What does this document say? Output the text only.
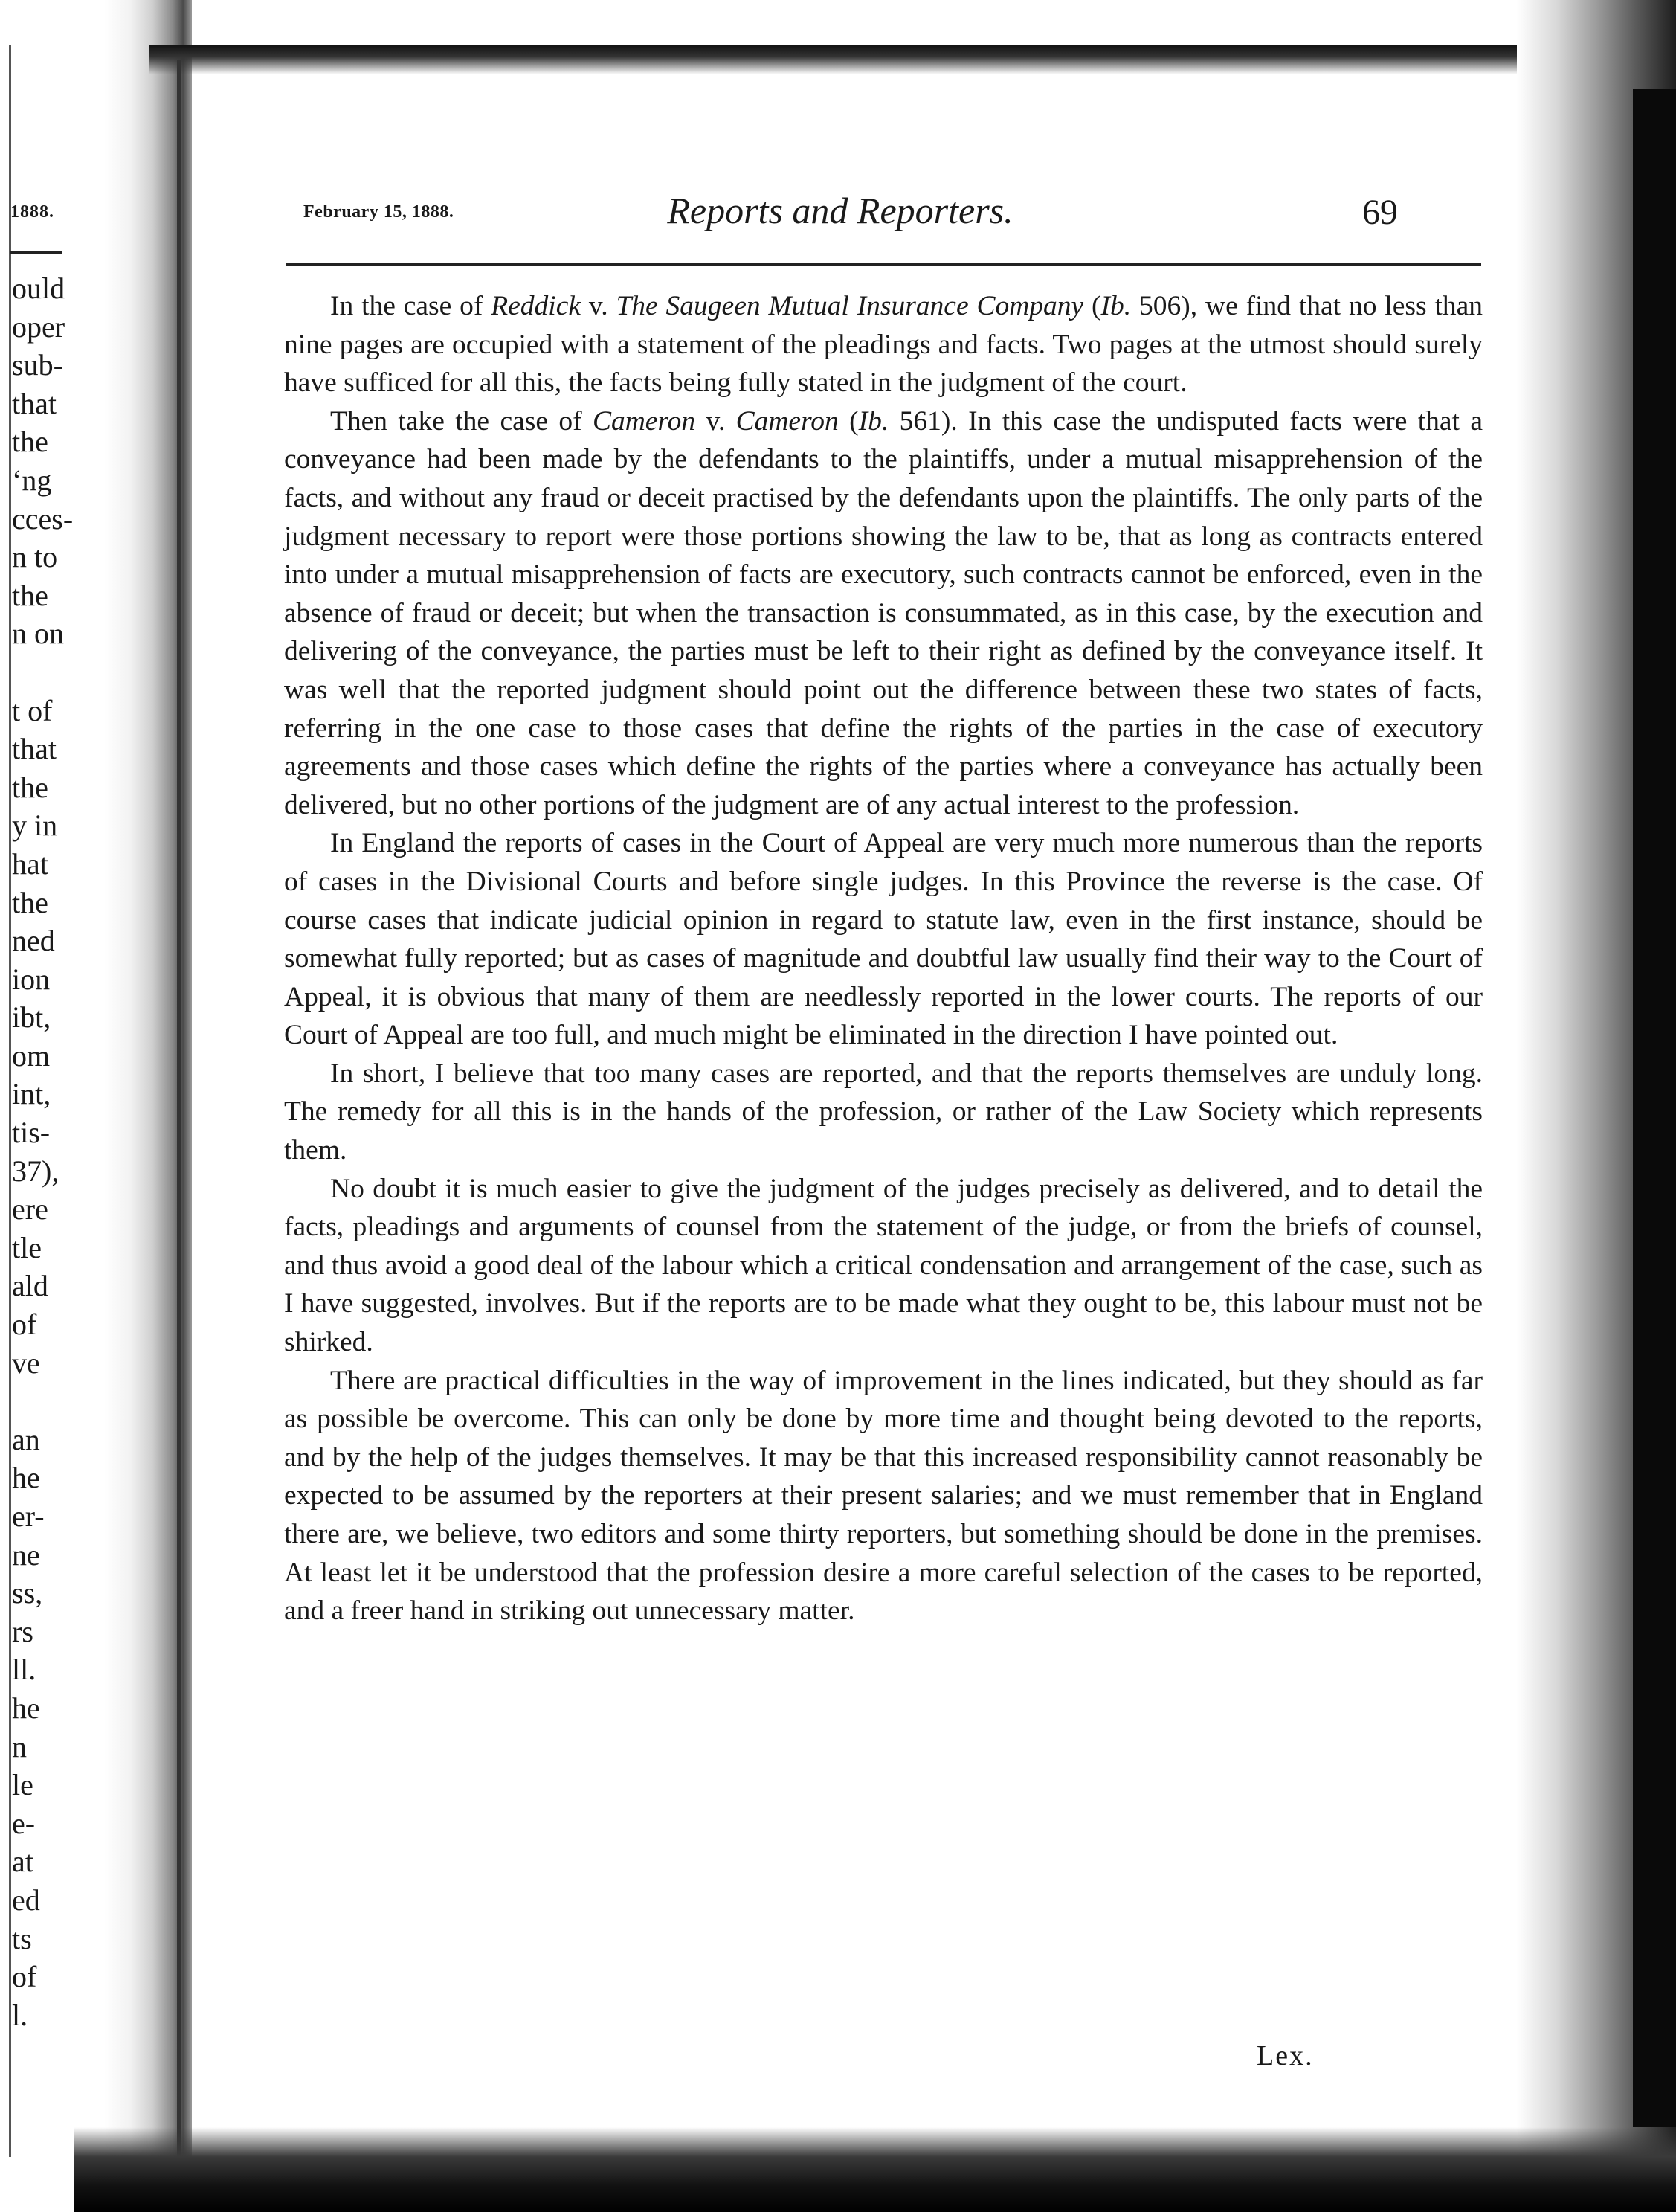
1888.
ould
oper
sub-
that
the
‘ng
cces-
n to
the
n on

t of
that
the
y in
hat
the
ned
ion
ibt,
om
int,
tis-
37),
ere
tle
ald
of
ve

an
he
er-
ne
ss,
rs
ll.
he
n
le
e-
at
ed
ts
of
l.
February 15, 1888.	Reports and Reporters.	69

In the case of Reddick v. The Saugeen Mutual Insurance Company (Ib. 506), we find that no less than nine pages are occupied with a statement of the pleadings and facts. Two pages at the utmost should surely have sufficed for all this, the facts being fully stated in the judgment of the court.

Then take the case of Cameron v. Cameron (Ib. 561). In this case the undisputed facts were that a conveyance had been made by the defendants to the plaintiffs, under a mutual misapprehension of the facts, and without any fraud or deceit practised by the defendants upon the plaintiffs. The only parts of the judgment necessary to report were those portions showing the law to be, that as long as contracts entered into under a mutual misapprehension of facts are executory, such contracts cannot be enforced, even in the absence of fraud or deceit; but when the transaction is consummated, as in this case, by the execution and delivering of the conveyance, the parties must be left to their right as defined by the conveyance itself. It was well that the reported judgment should point out the difference between these two states of facts, referring in the one case to those cases that define the rights of the parties in the case of executory agreements and those cases which define the rights of the parties where a conveyance has actually been delivered, but no other portions of the judgment are of any actual interest to the profession.

In England the reports of cases in the Court of Appeal are very much more numerous than the reports of cases in the Divisional Courts and before single judges. In this Province the reverse is the case. Of course cases that indicate judicial opinion in regard to statute law, even in the first instance, should be somewhat fully reported; but as cases of magnitude and doubtful law usually find their way to the Court of Appeal, it is obvious that many of them are needlessly reported in the lower courts. The reports of our Court of Appeal are too full, and much might be eliminated in the direction I have pointed out.

In short, I believe that too many cases are reported, and that the reports themselves are unduly long. The remedy for all this is in the hands of the profession, or rather of the Law Society which represents them.

No doubt it is much easier to give the judgment of the judges precisely as delivered, and to detail the facts, pleadings and arguments of counsel from the statement of the judge, or from the briefs of counsel, and thus avoid a good deal of the labour which a critical condensation and arrangement of the case, such as I have suggested, involves. But if the reports are to be made what they ought to be, this labour must not be shirked.

There are practical difficulties in the way of improvement in the lines indicated, but they should as far as possible be overcome. This can only be done by more time and thought being devoted to the reports, and by the help of the judges themselves. It may be that this increased responsibility cannot reasonably be expected to be assumed by the reporters at their present salaries; and we must remember that in England there are, we believe, two editors and some thirty reporters, but something should be done in the premises. At least let it be understood that the profession desire a more careful selection of the cases to be reported, and a freer hand in striking out unnecessary matter.

Lex.
